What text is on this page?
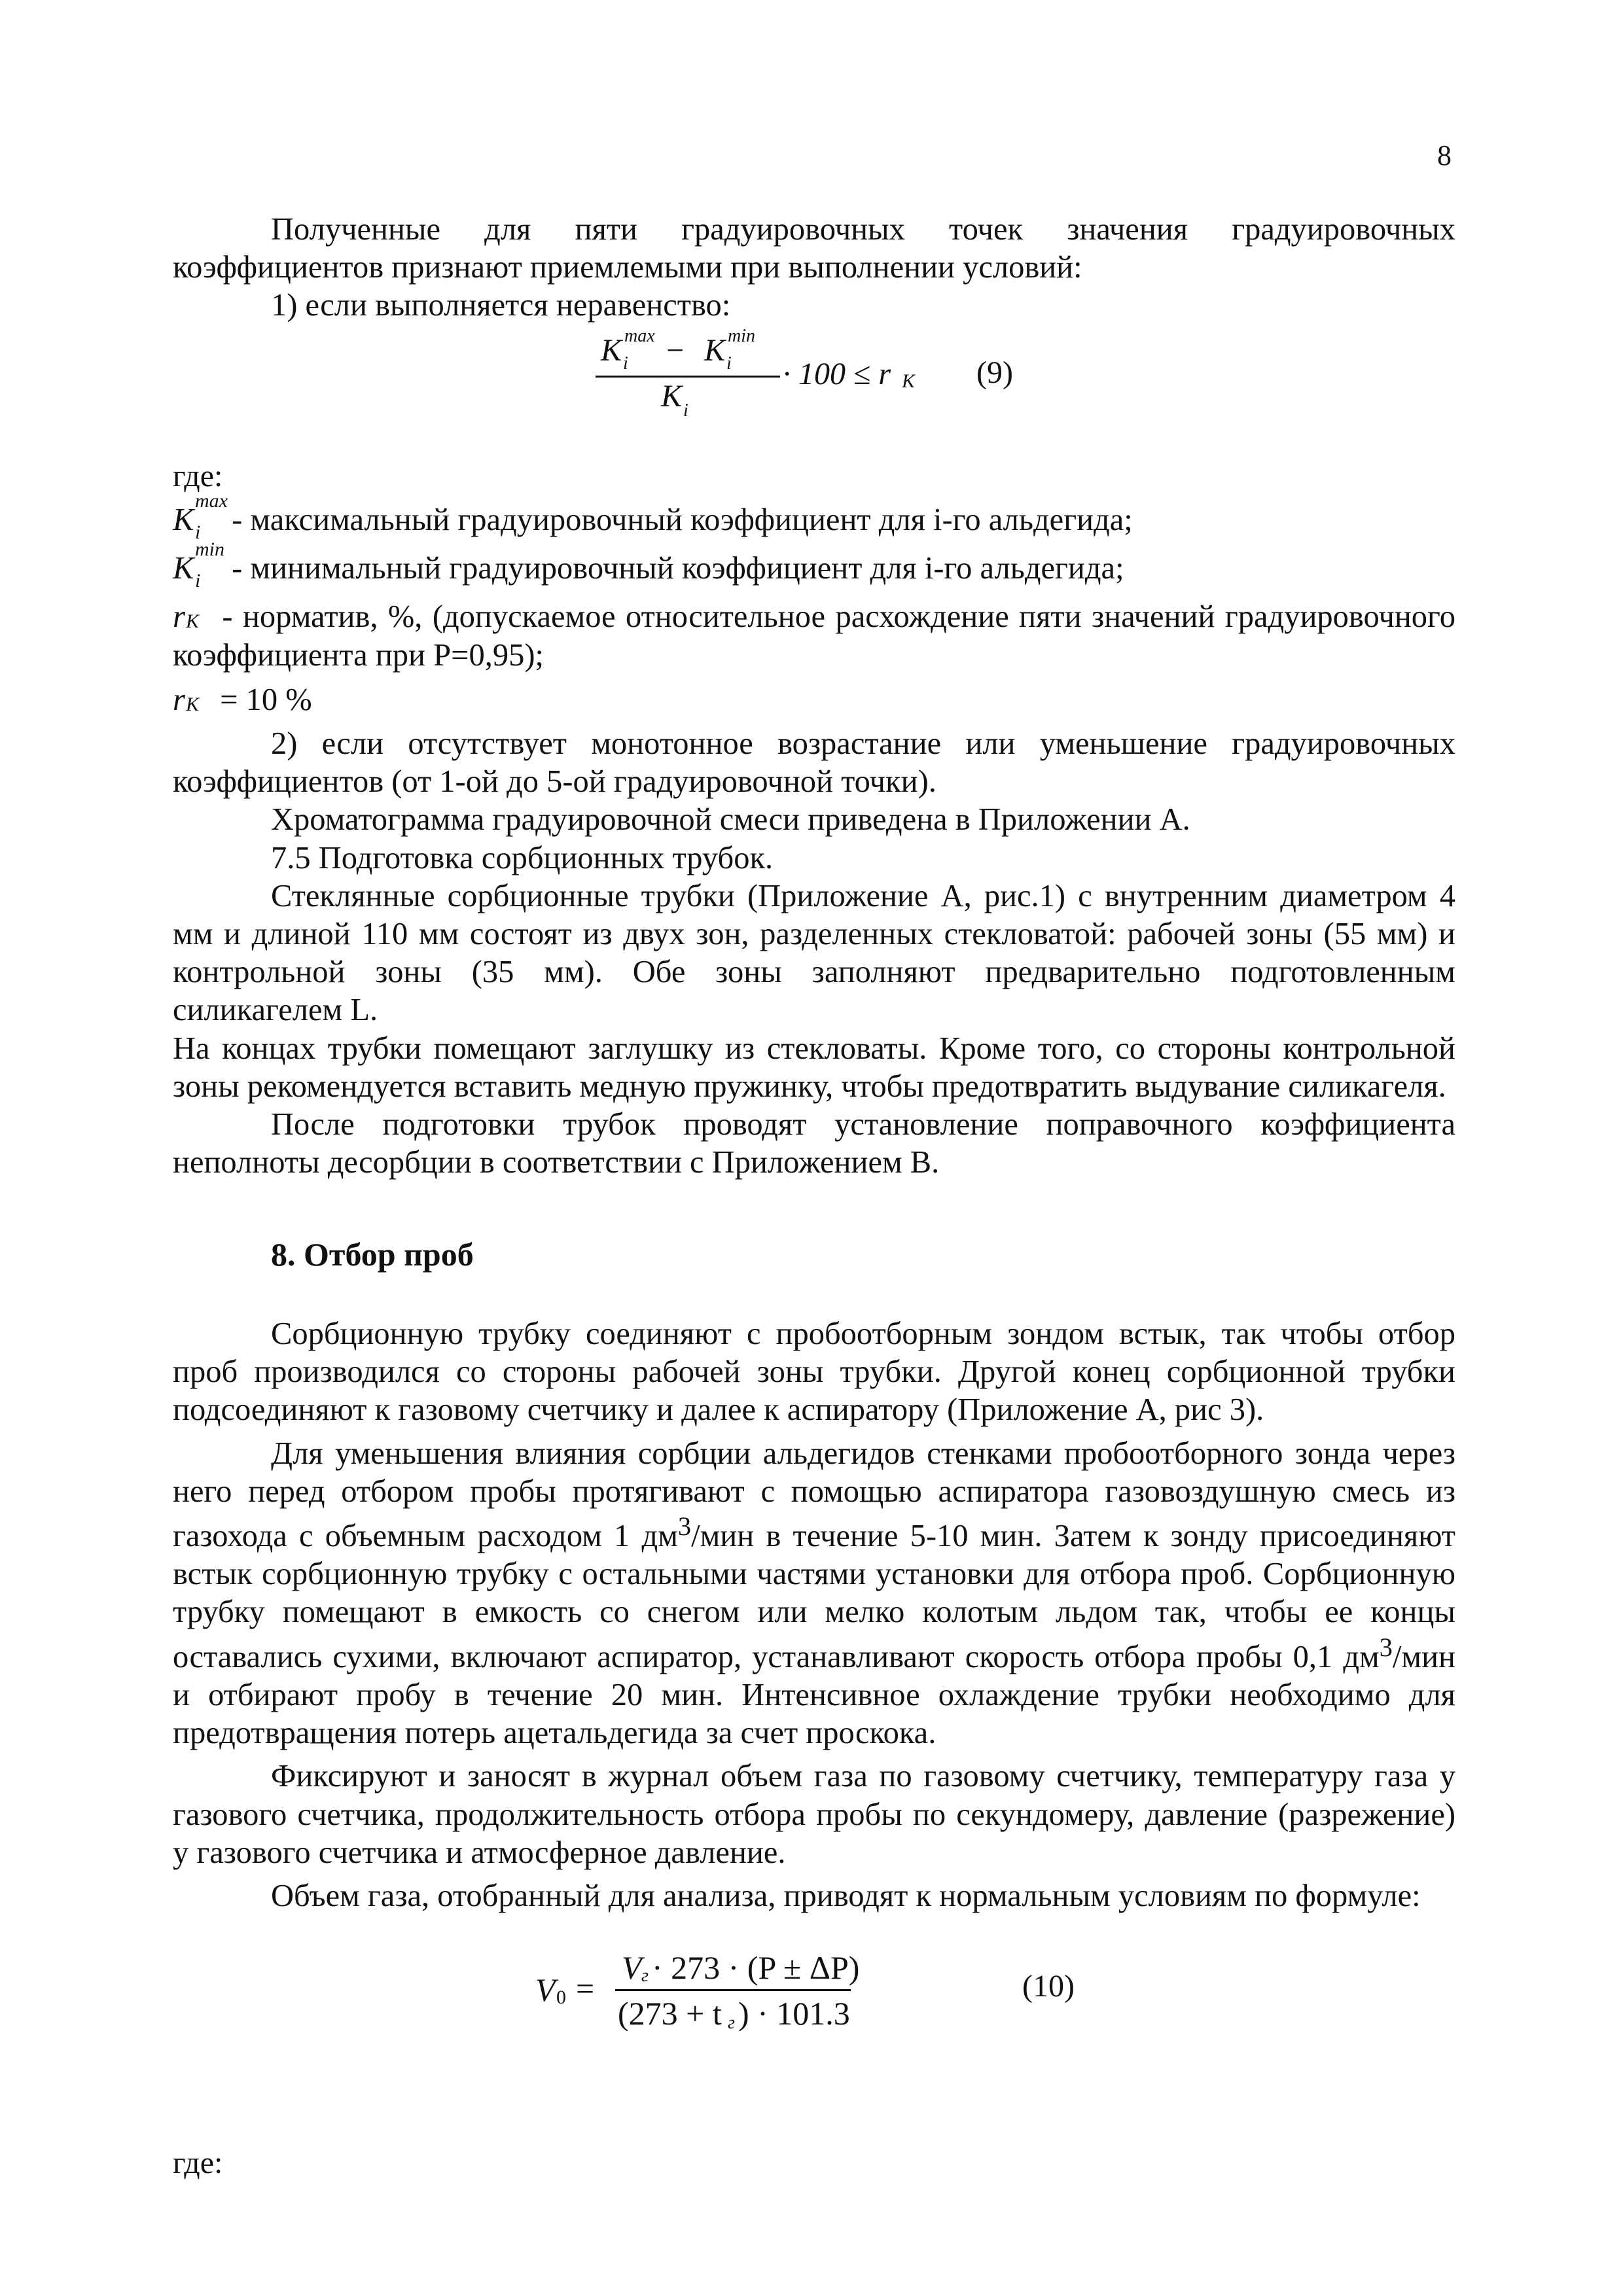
8

Полученные для пяти градуировочных точек значения градуировочных коэффициентов признают приемлемыми при выполнении условий:

1) если выполняется неравенство:

K max
i − K min
i
K i
· 100 ≤ r K (9)
где:

K
max
i - максимальный градуировочный коэффициент для i-го альдегида;

K
min
i - минимальный градуировочный коэффициент для i-го альдегида;

r K - норматив, %, (допускаемое относительное расхождение пяти значений градуировочного коэффициента при Р=0,95);

r K = 10 %

2) если отсутствует монотонное возрастание или уменьшение градуировочных коэффициентов (от 1-ой до 5-ой градуировочной точки).

Хроматограмма градуировочной смеси приведена в Приложении А.

7.5 Подготовка сорбционных трубок.

Стеклянные сорбционные трубки (Приложение А, рис.1) с внутренним диаметром 4 мм и длиной 110 мм состоят из двух зон, разделенных стекловатой: рабочей зоны (55 мм) и контрольной зоны (35 мм). Обе зоны заполняют предварительно подготовленным силикагелем L.

На концах трубки помещают заглушку из стекловаты. Кроме того, со стороны контрольной зоны рекомендуется вставить медную пружинку, чтобы предотвратить выдувание силикагеля.

После подготовки трубок проводят установление поправочного коэффициента неполноты десорбции в соответствии с Приложением В.

8. Отбор проб

Сорбционную трубку соединяют с пробоотборным зондом встык, так чтобы отбор проб производился со стороны рабочей зоны трубки. Другой конец сорбционной трубки подсоединяют к газовому счетчику и далее к аспиратору (Приложение А, рис 3).

Для уменьшения влияния сорбции альдегидов стенками пробоотборного зонда через него перед отбором пробы протягивают с помощью аспиратора газовоздушную смесь из газохода с объемным расходом 1 $дм^3$/мин в течение 5-10 мин. Затем к зонду присоединяют встык сорбционную трубку с остальными частями установки для отбора проб. Сорбционную трубку помещают в емкость со снегом или мелко колотым льдом так, чтобы ее концы оставались сухими, включают аспиратор, устанавливают скорость отбора пробы 0,1 $дм^3$/мин и отбирают пробу в течение 20 мин. Интенсивное охлаждение трубки необходимо для предотвращения потерь ацетальдегида за счет проскока.

Фиксируют и заносят в журнал объем газа по газовому счетчику, температуру газа у газового счетчика, продолжительность отбора пробы по секундомеру, давление (разрежение) у газового счетчика и атмосферное давление.

Объем газа, отобранный для анализа, приводят к нормальным условиям по формуле:

V 0 =
V г · 273 · (P ± ΔP)
(273 + t г ) · 101.3
(10)
где:
